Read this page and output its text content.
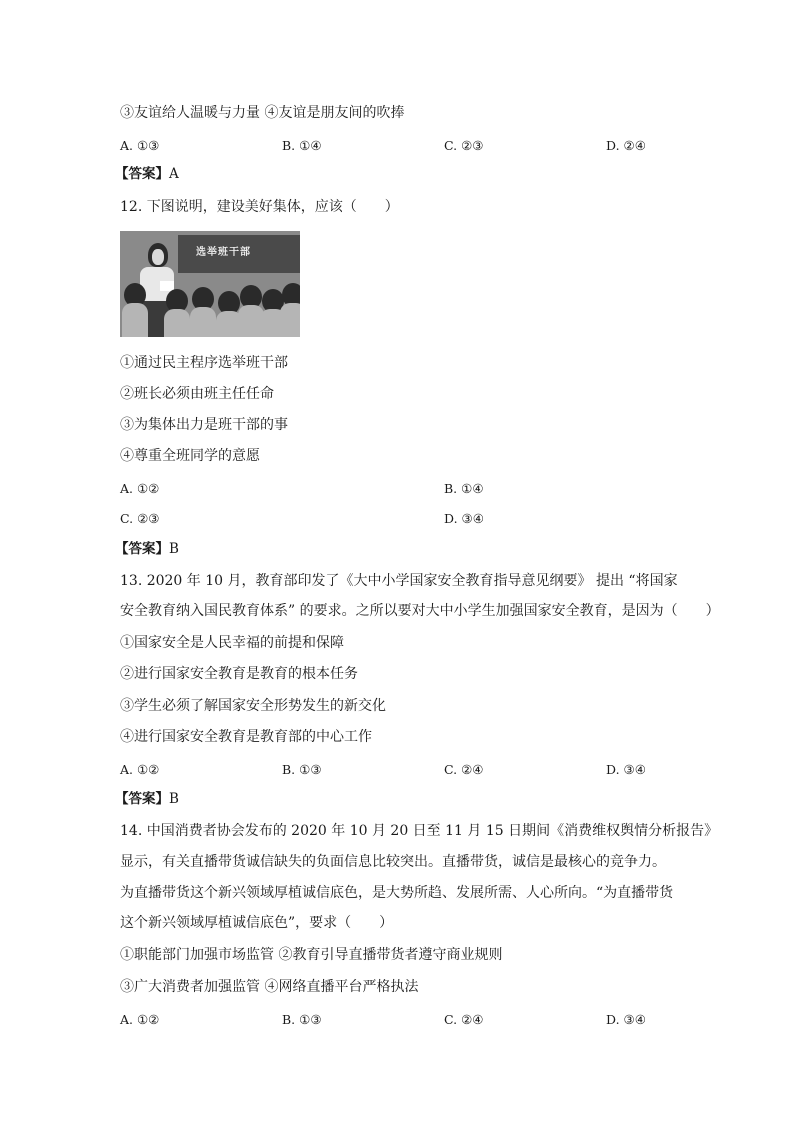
③友谊给人温暖与力量 ④友谊是朋友间的吹捧
A. ①③	B. ①④	C. ②③	D. ②④
【答案】A
12. 下图说明，建设美好集体，应该（　　）
选举班干部
①通过民主程序选举班干部
②班长必须由班主任任命
③为集体出力是班干部的事
④尊重全班同学的意愿
A. ①②	B. ①④
C. ②③	D. ③④
【答案】B
13. 2020 年 10 月，教育部印发了《大中小学国家安全教育指导意见纲要》 提出 “将国家
安全教育纳入国民教育体系” 的要求。之所以要对大中小学生加强国家安全教育，是因为（　　）
①国家安全是人民幸福的前提和保障
②进行国家安全教育是教育的根本任务
③学生必须了解国家安全形势发生的新交化
④进行国家安全教育是教育部的中心工作
A. ①②	B. ①③	C. ②④	D. ③④
【答案】B
14. 中国消费者协会发布的 2020 年 10 月 20 日至 11 月 15 日期间《消费维权舆情分析报告》
显示，有关直播带货诚信缺失的负面信息比较突出。直播带货，诚信是最核心的竞争力。
为直播带货这个新兴领域厚植诚信底色，是大势所趋、发展所需、人心所向。“为直播带货
这个新兴领域厚植诚信底色”，要求（　　）
①职能部门加强市场监管 ②教育引导直播带货者遵守商业规则
③广大消费者加强监管 ④网络直播平台严格执法
A. ①②	B. ①③	C. ②④	D. ③④
